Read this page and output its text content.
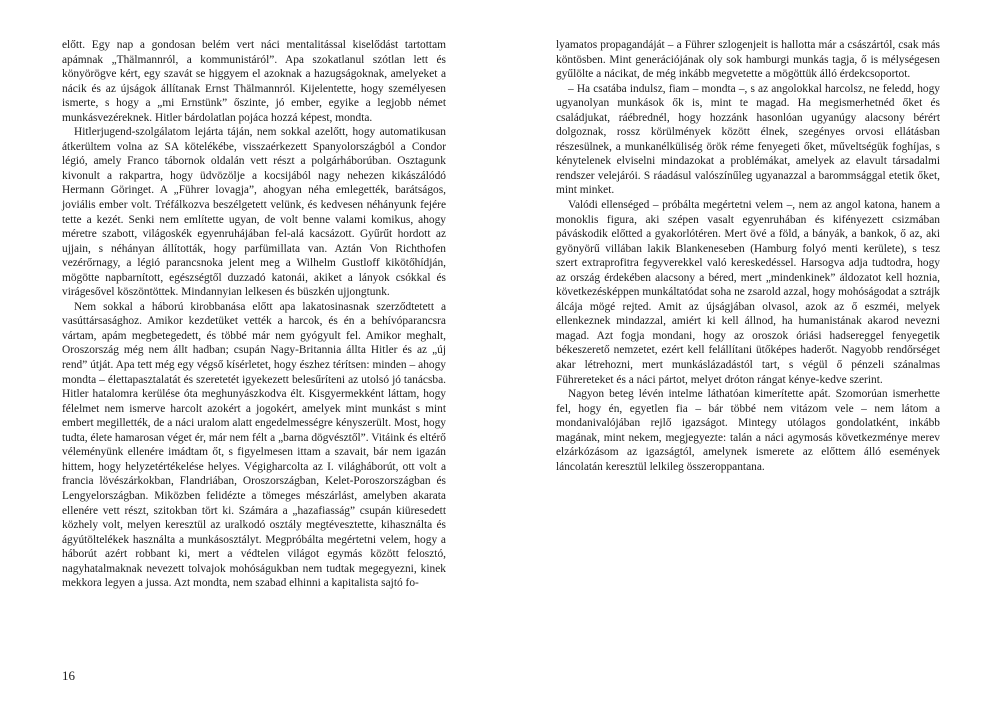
előtt. Egy nap a gondosan belém vert náci mentalitással kiselődást tartottam apámnak „Thälmannról, a kommunistáról”. Apa szokatlanul szótlan lett és könyörögve kért, egy szavát se higgyem el azoknak a hazugságoknak, amelyeket a nácik és az újságok állítanak Ernst Thälmannról. Kijelentette, hogy személyesen ismerte, s hogy a „mi Ernstünk” őszinte, jó ember, egyike a legjobb német munkásvezéreknek. Hitler bárdolatlan pojáca hozzá képest, mondta.

Hitlerjugend-szolgálatom lejárta táján, nem sokkal azelőtt, hogy automatikusan átkerültem volna az SA kötelékébe, visszaérkezett Spanyolországból a Condor légió, amely Franco tábornok oldalán vett részt a polgárháborúban. Osztagunk kivonult a rakpartra, hogy üdvözölje a kocsijából nagy nehezen kikászálódó Hermann Göringet. A „Führer lovagja”, ahogyan néha emlegették, barátságos, joviális ember volt. Tréfálkozva beszélgetett velünk, és kedvesen néhányunk fejére tette a kezét. Senki nem említette ugyan, de volt benne valami komikus, ahogy méretre szabott, világoskék egyenruhájában fel-alá kacsázott. Gyűrűt hordott az ujjain, s néhányan állították, hogy parfümillata van. Aztán Von Richthofen vezérőrnagy, a légió parancsnoka jelent meg a Wilhelm Gustloff kikötőhídján, mögötte napbarnított, egészségtől duzzadó katonái, akiket a lányok csókkal és virágesővel köszöntöttek. Mindannyian lelkesen és büszkén ujjongtunk.

Nem sokkal a háború kirobbanása előtt apa lakatosinasnak szerződtetett a vasúttársasághoz. Amikor kezdetüket vették a harcok, és én a behívóparancsra vártam, apám megbetegedett, és többé már nem gyógyult fel. Amikor meghalt, Oroszország még nem állt hadban; csupán Nagy-Britannia állta Hitler és az „új rend” útját. Apa tett még egy végső kísérletet, hogy észhez térítsen: minden – ahogy mondta – élettapasztalatát és szeretetét igyekezett belesűríteni az utolsó jó tanácsba. Hitler hatalomra kerülése óta meghunyászkodva élt. Kisgyermekként láttam, hogy félelmet nem ismerve harcolt azokért a jogokért, amelyek mint munkást s mint embert megillették, de a náci uralom alatt engedelmességre kényszerült. Most, hogy tudta, élete hamarosan véget ér, már nem félt a „barna dögvésztől”. Vitáink és eltérő véleményünk ellenére imádtam őt, s figyelmesen ittam a szavait, bár nem igazán hittem, hogy helyzetértékelése helyes. Végigharcolta az I. világháborút, ott volt a francia lövészárkokban, Flandriában, Oroszországban, Kelet-Poroszországban és Lengyelországban. Miközben felidézte a tömeges mészárlást, amelyben akarata ellenére vett részt, szitokban tört ki. Számára a „hazafiasság” csupán kiüresedett közhely volt, melyen keresztül az uralkodó osztály megtévesztette, kihasználta és ágyútöltelékek használta a munkásosztályt. Megpróbálta megértetni velem, hogy a háborút azért robbant ki, mert a védtelen világot egymás között felosztó, nagyhatalmaknak nevezett tolvajok mohóságukban nem tudtak megegyezni, kinek mekkora legyen a jussa. Azt mondta, nem szabad elhinni a kapitalista sajtó fo-

lyamatos propagandáját – a Führer szlogenjeit is hallotta már a császártól, csak más köntösben. Mint generációjának oly sok hamburgi munkás tagja, ő is mélységesen gyűlölte a nácikat, de még inkább megvetette a mögöttük álló érdekcsoportot.

– Ha csatába indulsz, fiam – mondta –, s az angolokkal harcolsz, ne feledd, hogy ugyanolyan munkások ők is, mint te magad. Ha megismerhetnéd őket és családjukat, ráébrednél, hogy hozzánk hasonlóan ugyanúgy alacsony bérért dolgoznak, rossz körülmények között élnek, szegényes orvosi ellátásban részesülnek, a munkanélküliség örök réme fenyegeti őket, műveltségük foghíjas, s kénytelenek elviselni mindazokat a problémákat, amelyek az elavult társadalmi rendszer velejárói. S ráadásul valószínűleg ugyanazzal a barommsággal etetik őket, mint minket.

Valódi ellenséged – próbálta megértetni velem –, nem az angol katona, hanem a monoklis figura, aki szépen vasalt egyenruhában és kifényezett csizmában páváskodik előtted a gyakorlótéren. Mert övé a föld, a bányák, a bankok, ő az, aki gyönyörű villában lakik Blankeneseben (Hamburg folyó menti kerülete), s tesz szert extraprofitra fegyverekkel való kereskedéssel. Harsogva adja tudtodra, hogy az ország érdekében alacsony a béred, mert „mindenkinek” áldozatot kell hoznia, következésképpen munkáltatódat soha ne zsarold azzal, hogy mohóságodat a sztrájk álcája mögé rejted. Amit az újságjában olvasol, azok az ő eszméi, melyek ellenkeznek mindazzal, amiért ki kell állnod, ha humanistának akarod nevezni magad. Azt fogja mondani, hogy az oroszok óriási hadsereggel fenyegetik békeszerető nemzetet, ezért kell felállítani ütőképes haderőt. Nagyobb rendőrséget akar létrehozni, mert munkáslázadástól tart, s végül ő pénzeli szánalmas Führereteket és a náci pártot, melyet dróton rángat kénye-kedve szerint.

Nagyon beteg lévén intelme láthatóan kimerítette apát. Szomorúan ismerhette fel, hogy én, egyetlen fia – bár többé nem vitázom vele – nem látom a mondanivalójában rejlő igazságot. Mintegy utólagos gondolatként, inkább magának, mint nekem, megjegyezte: talán a náci agymosás következménye merev elzárkózásom az igazságtól, amelynek ismerete az előttem álló események láncolatán keresztül lelkileg összeroppantana.

16
